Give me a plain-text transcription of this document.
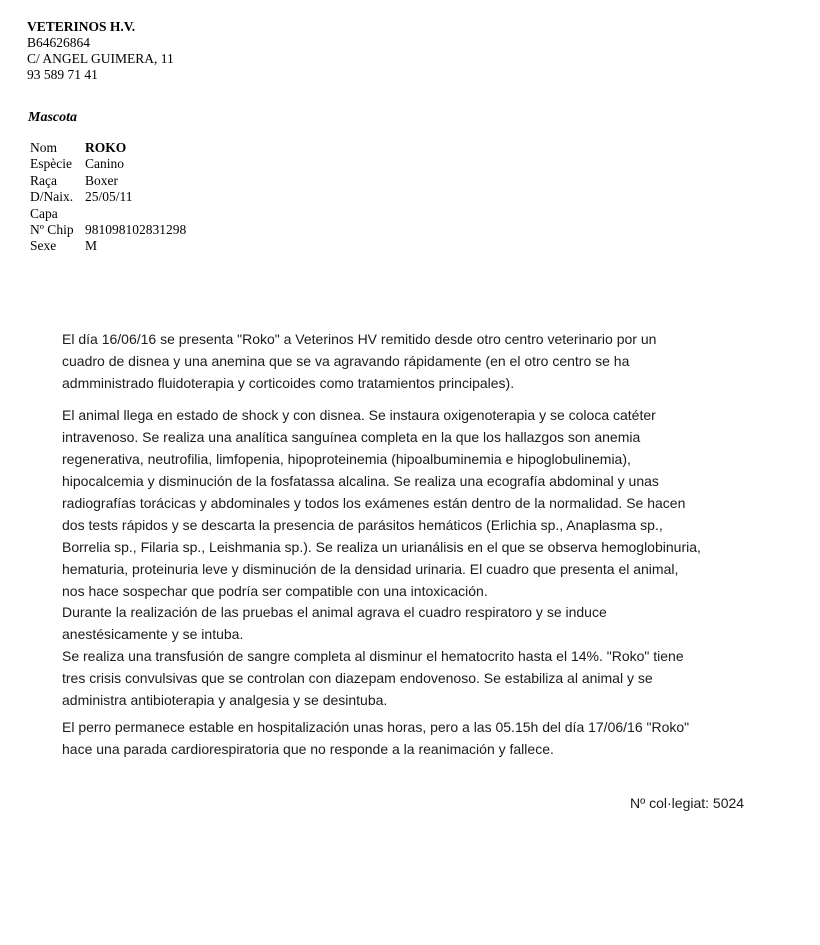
VETERINOS H.V.
B64626864
C/ ANGEL GUIMERA, 11
93 589 71 41
Mascota
Nom	ROKO
Espècie Canino
Raça	Boxer
D/Naix. 25/05/11
Capa
Nº Chip 981098102831298
Sexe	M
El día 16/06/16 se presenta "Roko" a Veterinos HV remitido desde otro centro veterinario por un
cuadro de disnea y una anemina que se va agravando rápidamente (en el otro centro se ha
admministrado fluidoterapia y corticoides como tratamientos principales).
El animal llega en estado de shock y con disnea. Se instaura oxigenoterapia y se coloca catéter
intravenoso. Se realiza una analítica sanguínea completa en la que los hallazgos son anemia
regenerativa, neutrofilia, limfopenia, hipoproteinemia (hipoalbuminemia e hipoglobulinemia),
hipocalcemia y disminución de la fosfatassa alcalina. Se realiza una ecografía abdominal y unas
radiografías torácicas y abdominales y todos los exámenes están dentro de la normalidad. Se hacen
dos tests rápidos y se descarta la presencia de parásitos hemáticos (Erlichia sp., Anaplasma sp.,
Borrelia sp., Filaria sp., Leishmania sp.). Se realiza un urianálisis en el que se observa hemoglobinuria,
hematuria, proteinuria leve y disminución de la densidad urinaria. El cuadro que presenta el animal,
nos hace sospechar que podría ser compatible con una intoxicación.
Durante la realización de las pruebas el animal agrava el cuadro respiratoro y se induce
anestésicamente y se intuba.
Se realiza una transfusión de sangre completa al disminur el hematocrito hasta el 14%. "Roko" tiene
tres crisis convulsivas que se controlan con diazepam endovenoso. Se estabiliza al animal y se
administra antibioterapia y analgesia y se desintuba.
El perro permanece estable en hospitalización unas horas, pero a las 05.15h del día 17/06/16 "Roko"
hace una parada cardiorespiratoria que no responde a la reanimación y fallece.
Nº col·legiat: 5024
